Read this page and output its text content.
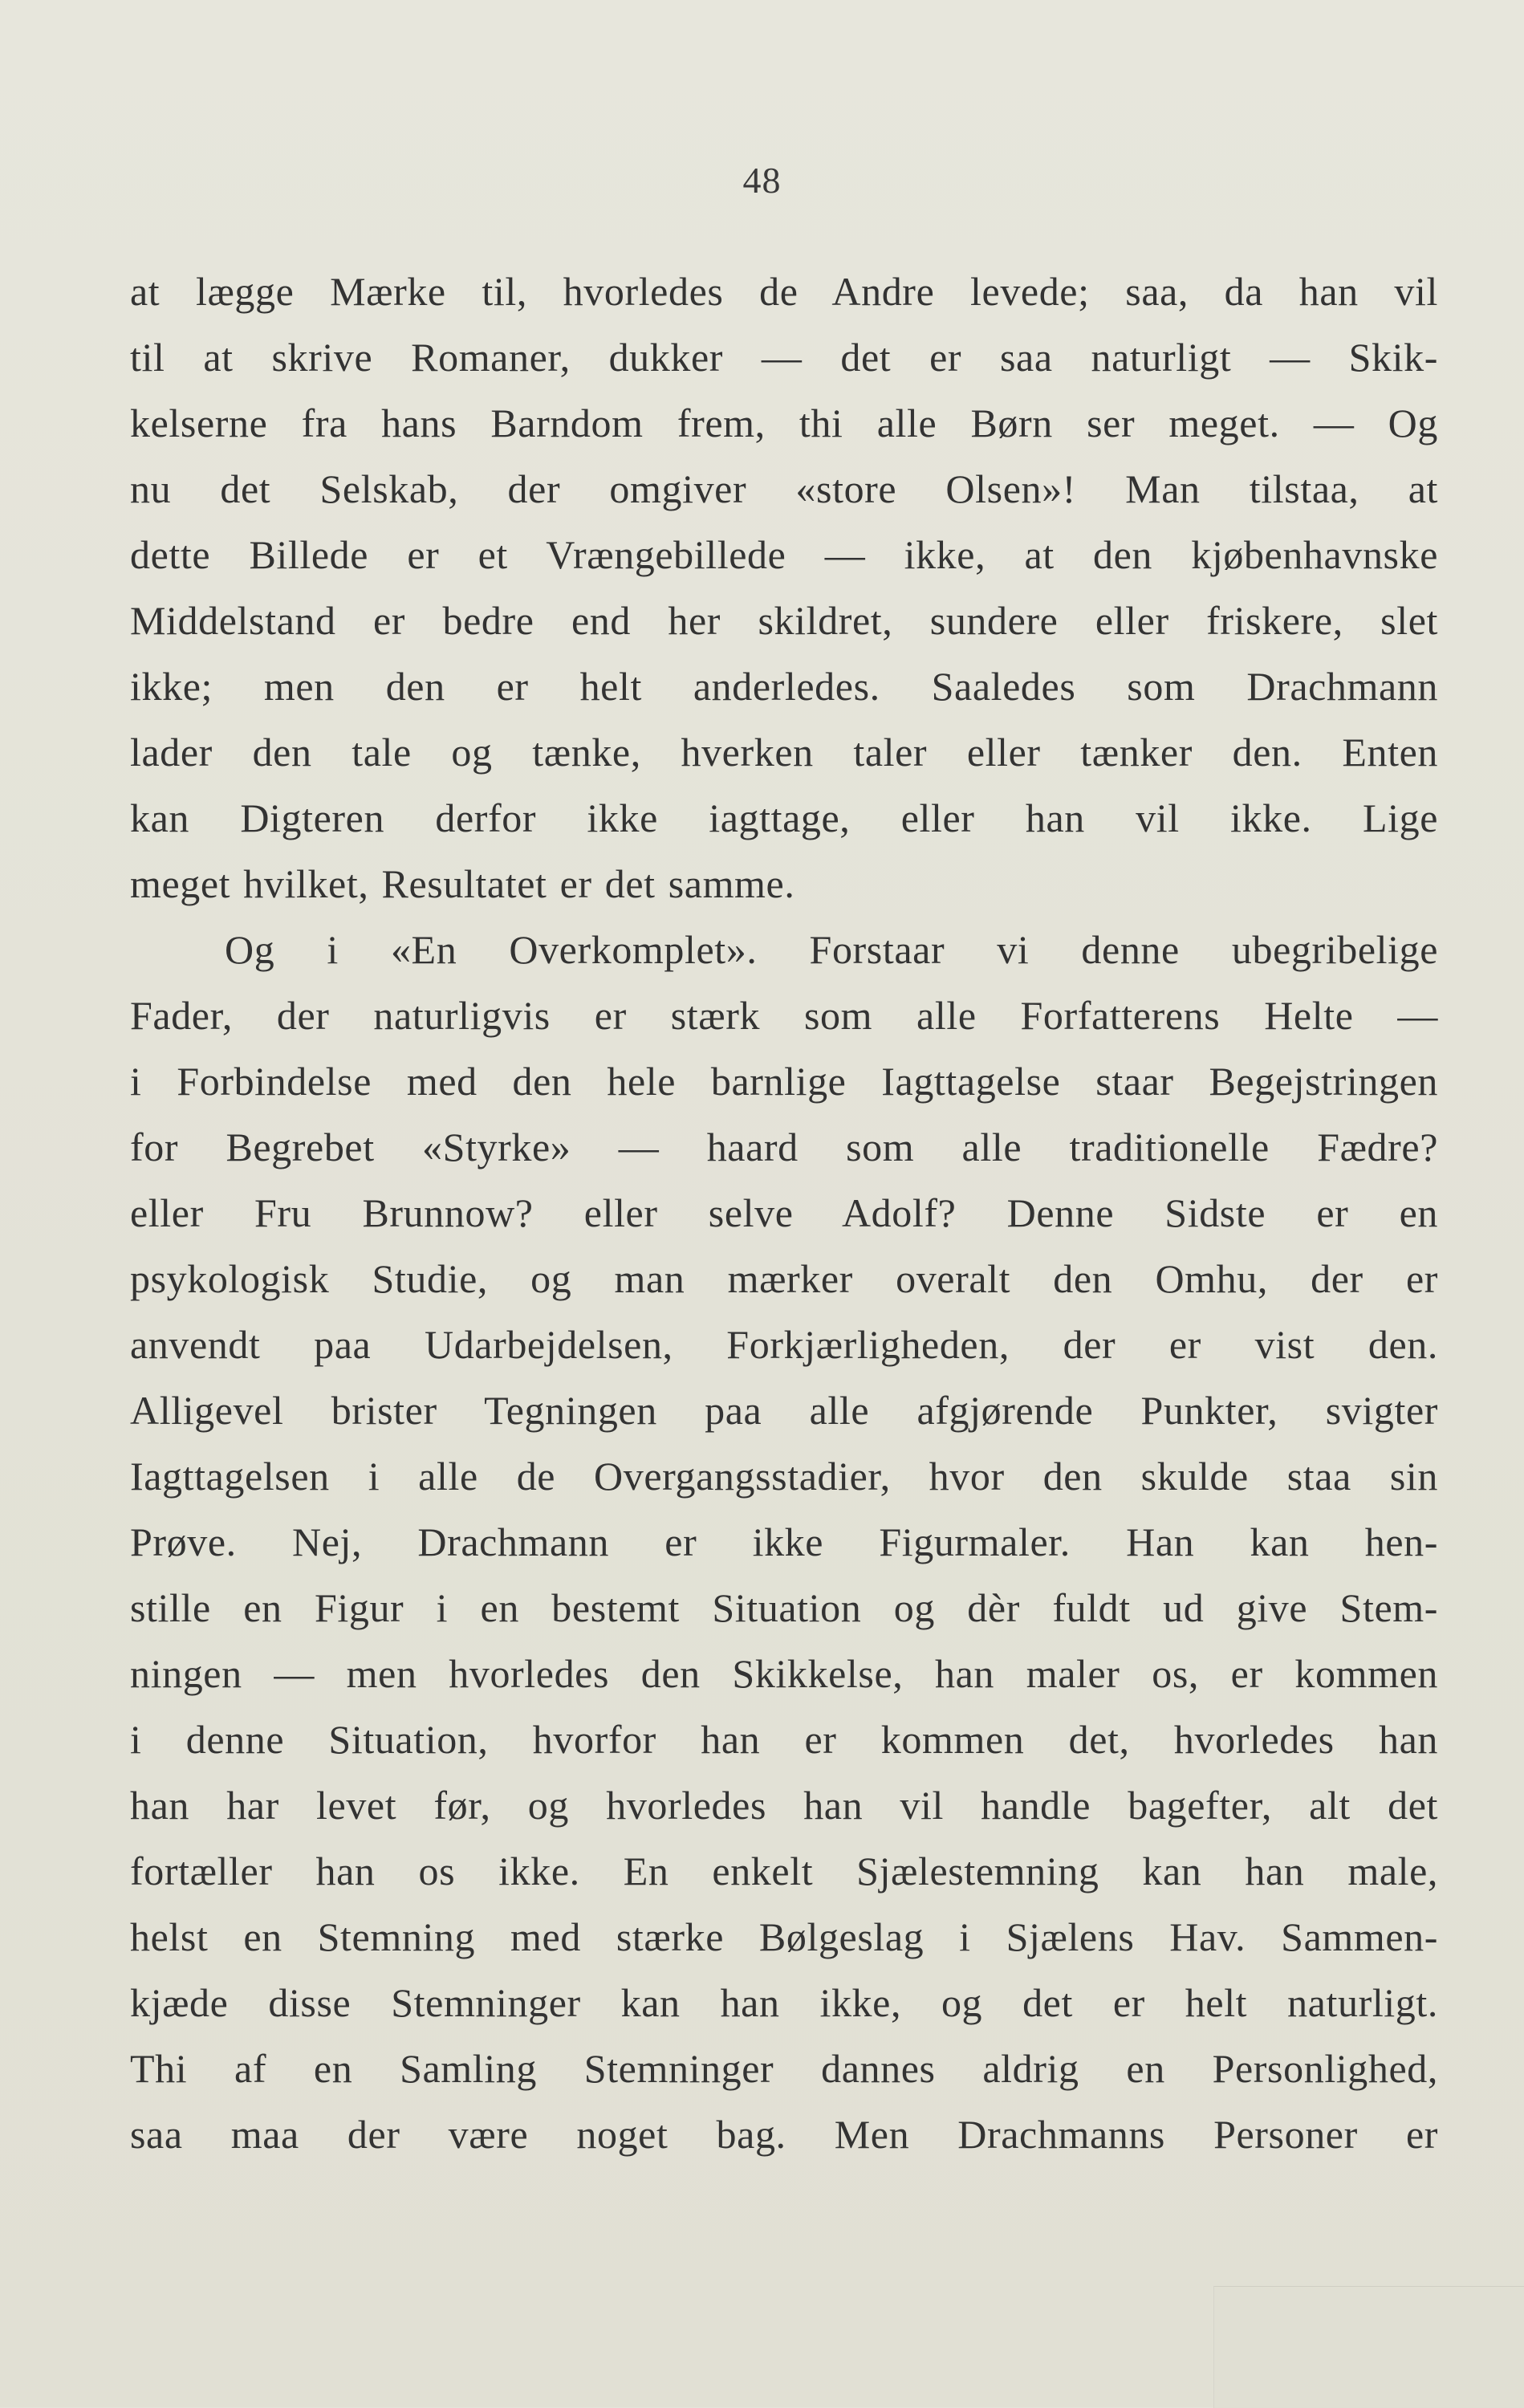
48
at lægge Mærke til, hvorledes de Andre levede; saa, da han vil
til at skrive Romaner, dukker — det er saa naturligt — Skik-
kelserne fra hans Barndom frem, thi alle Børn ser meget. — Og
nu det Selskab, der omgiver «store Olsen»! Man tilstaa, at
dette Billede er et Vrængebillede — ikke, at den kjøbenhavnske
Middelstand er bedre end her skildret, sundere eller friskere, slet
ikke; men den er helt anderledes. Saaledes som Drachmann
lader den tale og tænke, hverken taler eller tænker den. Enten
kan Digteren derfor ikke iagttage, eller han vil ikke. Lige
meget hvilket, Resultatet er det samme.
Og i «En Overkomplet». Forstaar vi denne ubegribelige
Fader, der naturligvis er stærk som alle Forfatterens Helte —
i Forbindelse med den hele barnlige Iagttagelse staar Begejstringen
for Begrebet «Styrke» — haard som alle traditionelle Fædre?
eller Fru Brunnow? eller selve Adolf? Denne Sidste er en
psykologisk Studie, og man mærker overalt den Omhu, der er
anvendt paa Udarbejdelsen, Forkjærligheden, der er vist den.
Alligevel brister Tegningen paa alle afgjørende Punkter, svigter
Iagttagelsen i alle de Overgangsstadier, hvor den skulde staa sin
Prøve. Nej, Drachmann er ikke Figurmaler. Han kan hen-
stille en Figur i en bestemt Situation og dèr fuldt ud give Stem-
ningen — men hvorledes den Skikkelse, han maler os, er kommen
i denne Situation, hvorfor han er kommen det, hvorledes han
han har levet før, og hvorledes han vil handle bagefter, alt det
fortæller han os ikke. En enkelt Sjælestemning kan han male,
helst en Stemning med stærke Bølgeslag i Sjælens Hav. Sammen-
kjæde disse Stemninger kan han ikke, og det er helt naturligt.
Thi af en Samling Stemninger dannes aldrig en Personlighed,
saa maa der være noget bag. Men Drachmanns Personer er
